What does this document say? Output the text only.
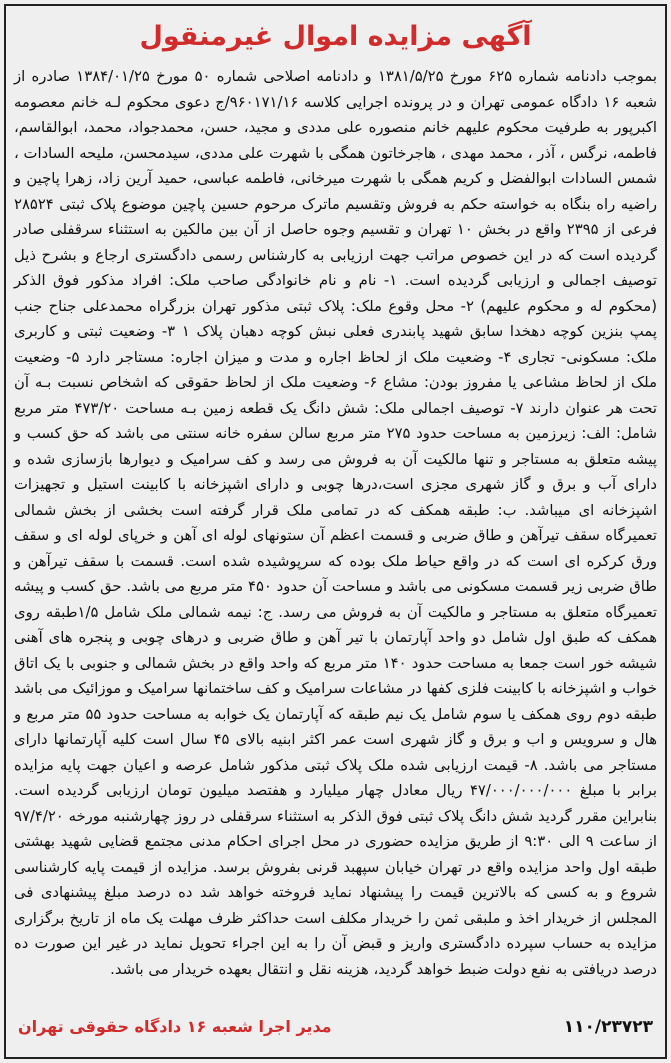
آگهی مزایده اموال غیرمنقول

بموجب دادنامه شماره ۶۲۵ مورخ ۱۳۸۱/۵/۲۵ و دادنامه اصلاحی شماره ۵۰ مورخ ۱۳۸۴/۰۱/۲۵ صادره از شعبه ۱۶ دادگاه عمومی تهران و در پرونده اجرایی کلاسه ۹۶۰۱۷۱/۱۶/ج دعوی محکوم لـه خانم معصومه اکبرپور به طرفیت محکوم علیهم خانم منصوره علی مددی و مجید، حسن، محمدجواد، محمد، ابوالقاسم، فاطمه، نرگس ، آذر ، محمد مهدی ، هاجرخاتون همگی با شهرت علی مددی، سیدمحسن، ملیحه السادات ، شمس السادات ابوالفضل و کریم همگی با شهرت میرخانی، فاطمه عباسی، حمید آرین زاد، زهرا پاچین و راضیه راه بنگاه به خواسته حکم به فروش وتقسیم ماترک مرحوم حسین پاچین موضوع پلاک ثبتی ۲۸۵۲۴ فرعی از ۲۳۹۵ واقع در بخش ۱۰ تهران و تقسیم وجوه حاصل از آن بین مالکین به استثناء سرقفلی صادر گردیده است که در این خصوص مراتب جهت ارزیابی به کارشناس رسمی دادگستری ارجاع و بشرح ذیل توصیف اجمالی و ارزیابی گردیده است. ۱- نام و نام خانوادگی صاحب ملک: افراد مذکور فوق الذکر (محکوم له و محکوم علیهم) ۲- محل وقوع ملک: پلاک ثبتی مذکور تهران بزرگراه محمدعلی جناح جنب پمپ بنزین کوچه دهخدا سابق شهید پابندری فعلی نبش کوچه دهبان پلاک ۱ ۳- وضعیت ثبتی و کاربری ملک: مسکونی- تجاری ۴- وضعیت ملک از لحاظ اجاره و مدت و میزان اجاره: مستاجر دارد ۵- وضعیت ملک از لحاظ مشاعی یا مفروز بودن: مشاع ۶- وضعیت ملک از لحاظ حقوقی که اشخاص نسبت بـه آن تحت هر عنوان دارند ۷- توصیف اجمالی ملک: شش دانگ یک قطعه زمین بـه مساحت ۴۷۳/۲۰ متر مربع شامل: الف: زیرزمین به مساحت حدود ۲۷۵ متر مربع سالن سفره خانه سنتی می باشد که حق کسب و پیشه متعلق به مستاجر و تنها مالکیت آن به فروش می رسد و کف سرامیک و دیوارها بازسازی شده و دارای آب و برق و گاز شهری مجزی است،درها چوبی و دارای اشپزخانه با کابینت استیل و تجهیزات اشپزخانه ای میباشد. ب: طبقه همکف که در تمامی ملک قرار گرفته است بخشی از بخش شمالی تعمیرگاه سقف تیرآهن و طاق ضربی و قسمت اعظم آن ستونهای لوله ای آهن و خرپای لوله ای و سقف ورق کرکره ای است که در واقع حیاط ملک بوده که سرپوشیده شده است. قسمت با سقف تیرآهن و طاق ضربی زیر قسمت مسکونی می باشد و مساحت آن حدود ۴۵۰ متر مربع می باشد. حق کسب و پیشه تعمیرگاه متعلق به مستاجر و مالکیت آن به فروش می رسد. ج: نیمه شمالی ملک شامل ۱/۵طبقه روی همکف که طبق اول شامل دو واحد آپارتمان با تیر آهن و طاق ضربی و درهای چوبی و پنجره های آهنی شیشه خور است جمعا به مساحت حدود ۱۴۰ متر مربع که واحد واقع در بخش شمالی و جنوبی با یک اتاق خواب و اشپزخانه با کابینت فلزی کفها در مشاعات سرامیک و کف ساختمانها سرامیک و موزائیک می باشد طبقه دوم روی همکف یا سوم شامل یک نیم طبقه که آپارتمان یک خوابه به مساحت حدود ۵۵ متر مربع و هال و سرویس و اب و برق و گاز شهری است عمر اکثر ابنیه بالای ۴۵ سال است کلیه آپارتمانها دارای مستاجر می باشد. ۸- قیمت ارزیابی شده ملک پلاک ثبتی مذکور شامل عرصه و اعیان جهت پایه مزایده برابر با مبلغ ۴۷/۰۰۰/۰۰۰/۰۰۰ ریال معادل چهار میلیارد و هفتصد میلیون تومان ارزیابی گردیده است. بنابراین مقرر گردید شش دانگ پلاک ثبتی فوق الذکر به استثناء سرقفلی در روز چهارشنبه مورخه ۹۷/۴/۲۰ از ساعت ۹ الی ۹:۳۰ از طریق مزایده حضوری در محل اجرای احکام مدنی مجتمع قضایی شهید بهشتی طبقه اول واحد مزایده واقع در تهران خیابان سپهبد قرنی بفروش برسد. مزایده از قیمت پایه کارشناسی شروع و به کسی که بالاترین قیمت را پیشنهاد نماید فروخته خواهد شد ده درصد مبلغ پیشنهادی فی المجلس از خریدار اخذ و ملبقی ثمن را خریدار مکلف است حداکثر ظرف مهلت یک ماه از تاریخ برگزاری مزایده به حساب سپرده دادگستری واریز و قبض آن را به این اجراء تحویل نماید در غیر این صورت ده درصد دریافتی به نفع دولت ضبط خواهد گردید، هزینه نقل و انتقال بعهده خریدار می باشد.

۱۱۰/۲۳۷۲۳
مدیر اجرا شعبه ۱۶ دادگاه حقوقی تهران
